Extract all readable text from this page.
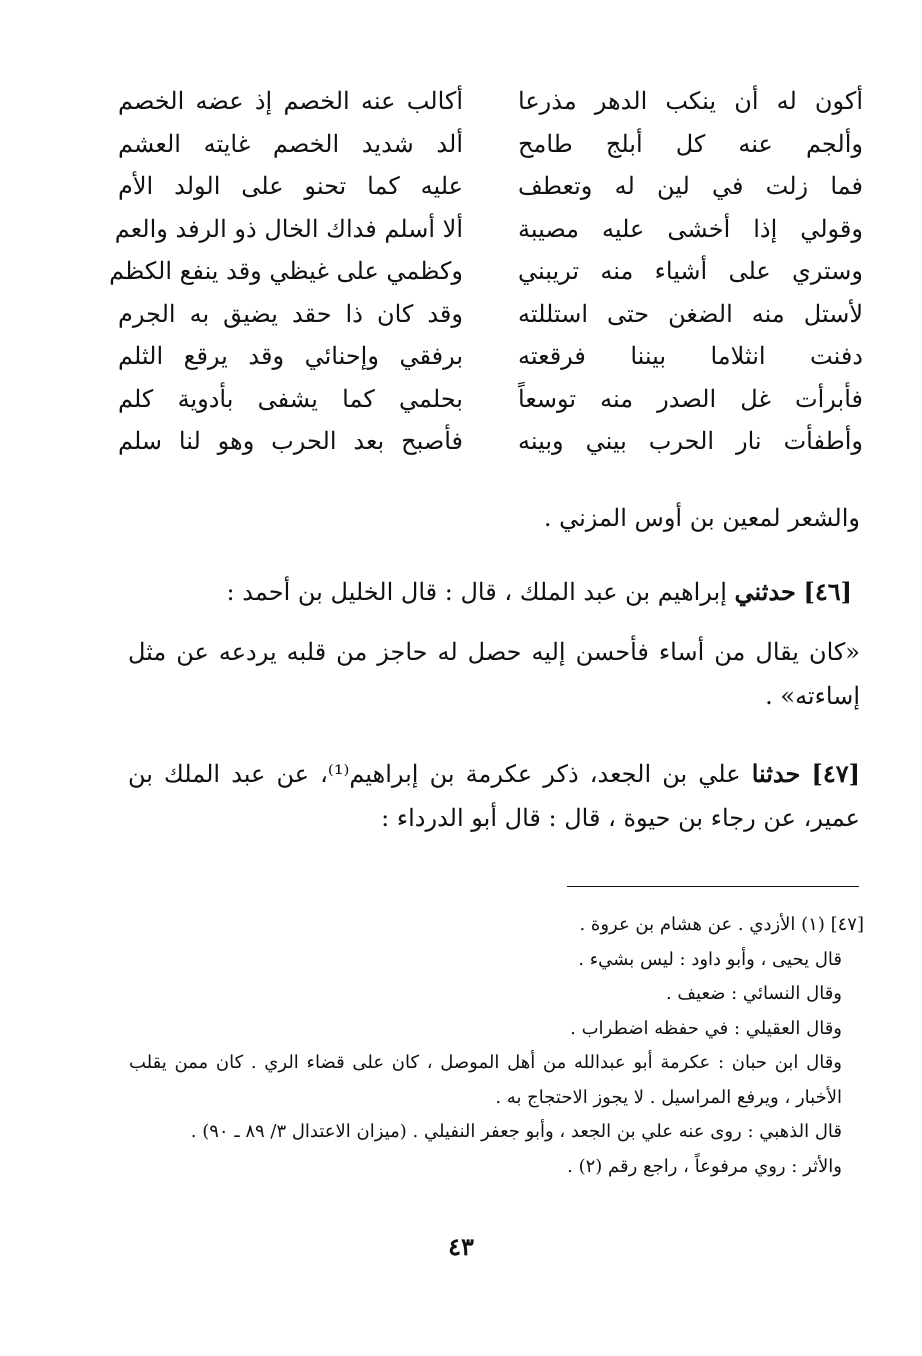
أكون له أن ينكب الدهر مذرعا
أكالب عنه الخصم إذ عضه الخصم
وألجم عنه كل أبلج طامح
ألد شديد الخصم غايته العشم
فما زلت في لين له وتعطف
عليه كما تحنو على الولد الأم
وقولي إذا أخشى عليه مصيبة
ألا أسلم فداك الخال ذو الرفد والعم
وستري على أشياء منه تريبني
وكظمي على غيظي وقد ينفع الكظم
لأستل منه الضغن حتى استللته
وقد كان ذا حقد يضيق به الجرم
دفنت انثلاما بيننا فرقعته
برفقي وإحنائي وقد يرقع الثلم
فأبرأت غل الصدر منه توسعاً
بحلمي كما يشفى بأدوية كلم
وأطفأت نار الحرب بيني وبينه
فأصبح بعد الحرب وهو لنا سلم
والشعر لمعين بن أوس المزني .
[٤٦] حدثني إبراهيم بن عبد الملك ، قال : قال الخليل بن أحمد :
«كان يقال من أساء فأحسن إليه حصل له حاجز من قلبه يردعه عن مثل إساءته» .
[٤٧] حدثنا علي بن الجعد، ذكر عكرمة بن إبراهيم⁽¹⁾، عن عبد الملك بن عمير، عن رجاء بن حيوة ، قال : قال أبو الدرداء :
[٤٧] (١) الأزدي . عن هشام بن عروة .
قال يحيى ، وأبو داود : ليس بشيء .
وقال النسائي : ضعيف .
وقال العقيلي : في حفظه اضطراب .
وقال ابن حبان : عكرمة أبو عبدالله من أهل الموصل ، كان على قضاء الري . كان ممن يقلب الأخبار ، ويرفع المراسيل . لا يجوز الاحتجاج به .
قال الذهبي : روى عنه علي بن الجعد ، وأبو جعفر النفيلي . (ميزان الاعتدال ٣/ ٨٩ ـ ٩٠) .
والأثر : روي مرفوعاً ، راجع رقم (٢) .
٤٣
